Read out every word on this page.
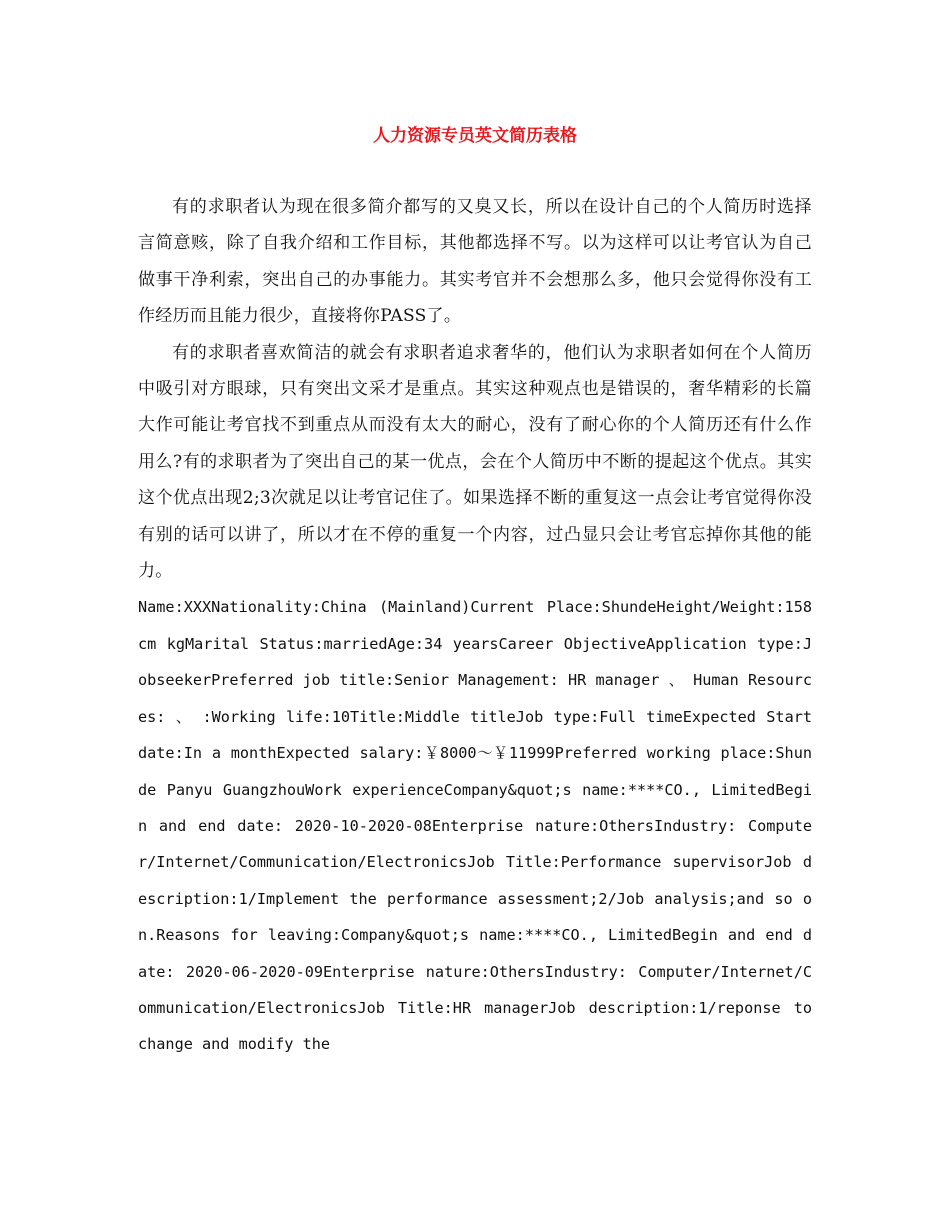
人力资源专员英文简历表格

有的求职者认为现在很多简介都写的又臭又长，所以在设计自己的个人简历时选择言简意赅，除了自我介绍和工作目标，其他都选择不写。以为这样可以让考官认为自己做事干净利索，突出自己的办事能力。其实考官并不会想那么多，他只会觉得你没有工作经历而且能力很少，直接将你PASS了。

有的求职者喜欢简洁的就会有求职者追求奢华的，他们认为求职者如何在个人简历中吸引对方眼球，只有突出文采才是重点。其实这种观点也是错误的，奢华精彩的长篇大作可能让考官找不到重点从而没有太大的耐心，没有了耐心你的个人简历还有什么作用么?有的求职者为了突出自己的某一优点，会在个人简历中不断的提起这个优点。其实这个优点出现2;3次就足以让考官记住了。如果选择不断的重复这一点会让考官觉得你没有别的话可以讲了，所以才在不停的重复一个内容，过凸显只会让考官忘掉你其他的能力。

Name:XXXNationality:China (Mainland)Current Place:ShundeHeight/Weight:158 cm kgMarital Status:marriedAge:34 yearsCareer ObjectiveApplication type:JobseekerPreferred job title:Senior Management: HR manager 、 Human Resources: 、 :Working life:10Title:Middle titleJob type:Full timeExpected Start date:In a monthExpected salary:￥8000～￥11999Preferred working place:Shunde Panyu GuangzhouWork experienceCompany&quot;s name:****CO., LimitedBegin and end date: 2020-10-2020-08Enterprise nature:OthersIndustry: Computer/Internet/Communication/ElectronicsJob Title:Performance supervisorJob description:1/Implement the performance assessment;2/Job analysis;and so on.Reasons for leaving:Company&quot;s name:****CO., LimitedBegin and end date: 2020-06-2020-09Enterprise nature:OthersIndustry: Computer/Internet/Communication/ElectronicsJob Title:HR managerJob description:1/reponse to change and modify the
